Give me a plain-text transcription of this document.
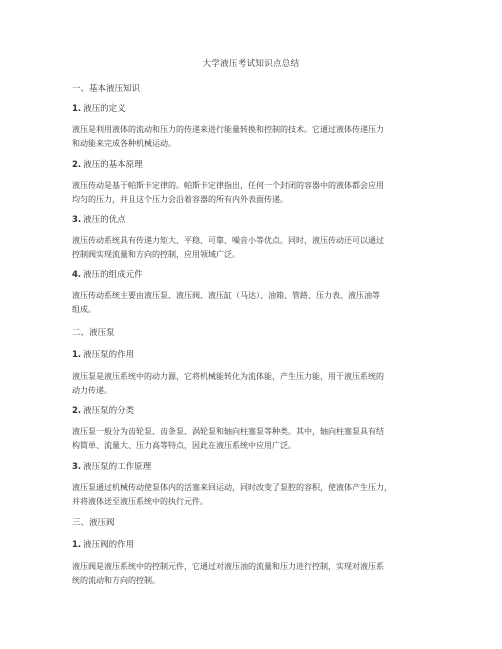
大学液压考试知识点总结
一、基本液压知识
1. 液压的定义
液压是利用液体的流动和压力的传递来进行能量转换和控制的技术。它通过液体传递压力
和动能来完成各种机械运动。
2. 液压的基本原理
液压传动是基于帕斯卡定律的。帕斯卡定律指出，任何一个封闭的容器中的液体都会应用
均匀的压力，并且这个压力会沿着容器的所有内外表面传递。
3. 液压的优点
液压传动系统具有传递力矩大、平稳、可靠、噪音小等优点。同时，液压传动还可以通过
控制阀实现流量和方向的控制，应用领域广泛。
4. 液压的组成元件
液压传动系统主要由液压泵、液压阀、液压缸（马达）、油箱、管路、压力表、液压油等
组成。
二、液压泵
1. 液压泵的作用
液压泵是液压系统中的动力源，它将机械能转化为流体能，产生压力能，用于液压系统的
动力传递。
2. 液压泵的分类
液压泵一般分为齿轮泵、齿条泵、涡轮泵和轴向柱塞泵等种类。其中，轴向柱塞泵具有结
构简单、流量大、压力高等特点，因此在液压系统中应用广泛。
3. 液压泵的工作原理
液压泵通过机械传动使泵体内的活塞来回运动，同时改变了泵腔的容积，使液体产生压力，
并将液体送至液压系统中的执行元件。
三、液压阀
1. 液压阀的作用
液压阀是液压系统中的控制元件，它通过对液压油的流量和压力进行控制，实现对液压系
统的流动和方向的控制。
